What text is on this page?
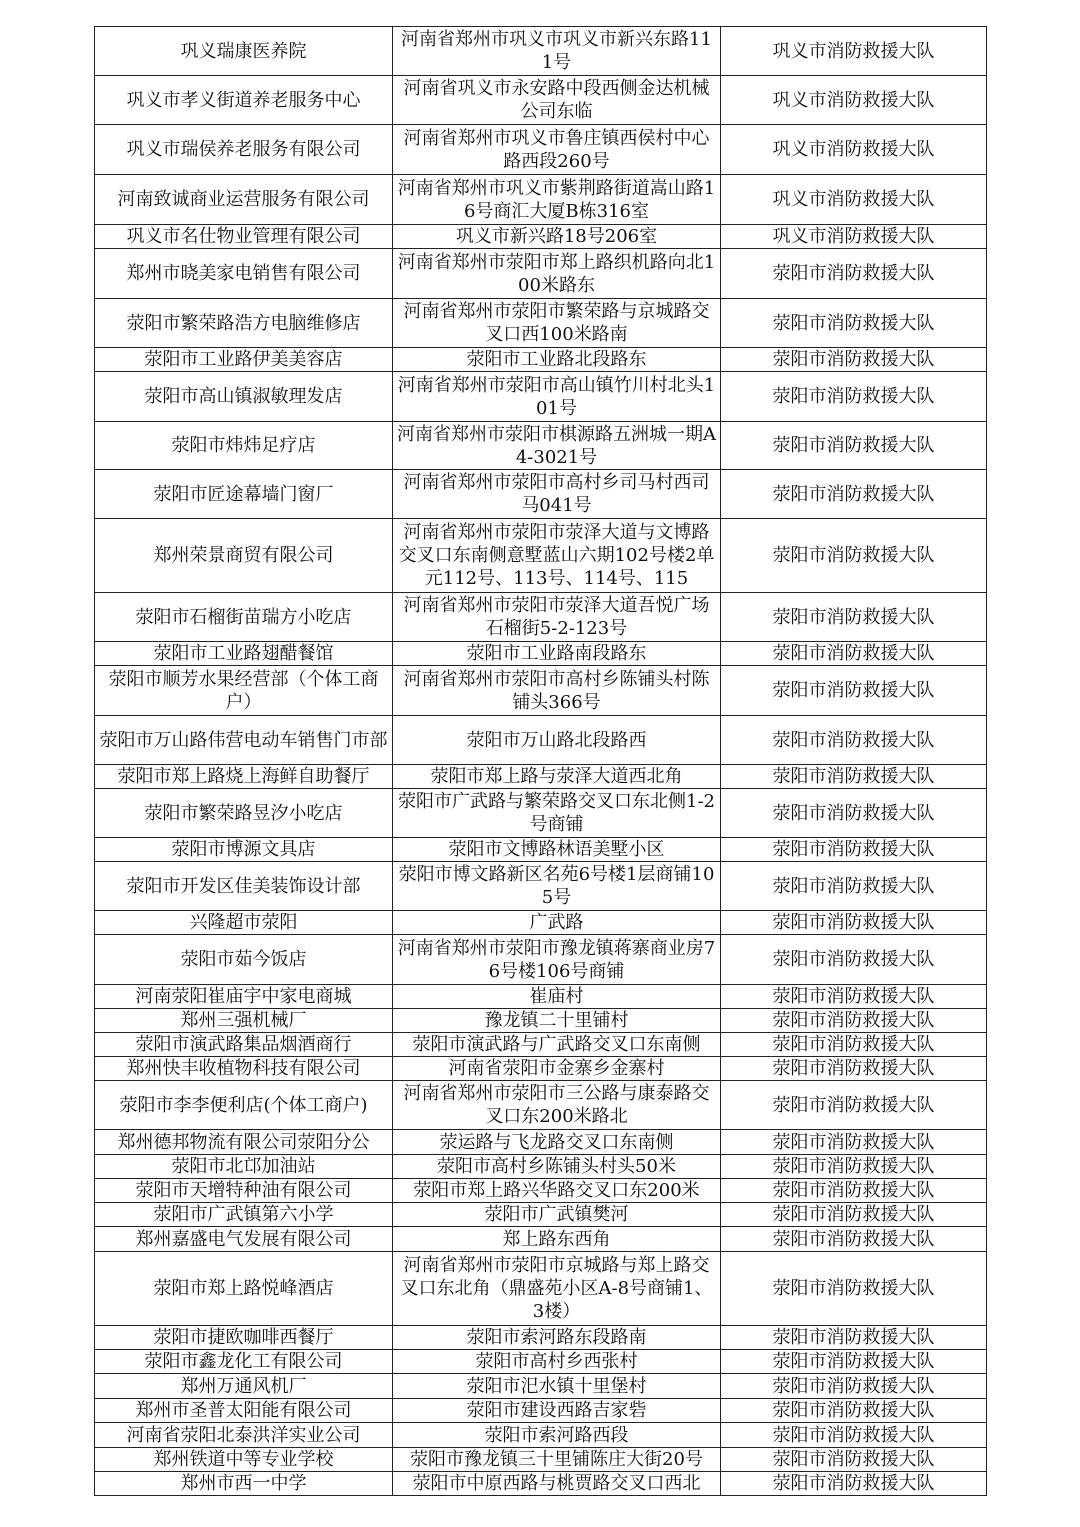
巩义瑞康医养院	河南省郑州市巩义市巩义市新兴东路111号	巩义市消防救援大队
巩义市孝义街道养老服务中心	河南省巩义市永安路中段西侧金达机械公司东临	巩义市消防救援大队
巩义市瑞侯养老服务有限公司	河南省郑州市巩义市鲁庄镇西侯村中心路西段260号	巩义市消防救援大队
河南致诚商业运营服务有限公司	河南省郑州市巩义市紫荆路街道嵩山路16号商汇大厦B栋316室	巩义市消防救援大队
巩义市名仕物业管理有限公司	巩义市新兴路18号206室	巩义市消防救援大队
郑州市晓美家电销售有限公司	河南省郑州市荥阳市郑上路织机路向北100米路东	荥阳市消防救援大队
荥阳市繁荣路浩方电脑维修店	河南省郑州市荥阳市繁荣路与京城路交叉口西100米路南	荥阳市消防救援大队
荥阳市工业路伊美美容店	荥阳市工业路北段路东	荥阳市消防救援大队
荥阳市高山镇淑敏理发店	河南省郑州市荥阳市高山镇竹川村北头101号	荥阳市消防救援大队
荥阳市炜炜足疗店	河南省郑州市荥阳市棋源路五洲城一期A4-3021号	荥阳市消防救援大队
荥阳市匠途幕墙门窗厂	河南省郑州市荥阳市高村乡司马村西司马041号	荥阳市消防救援大队
郑州荣景商贸有限公司	河南省郑州市荥阳市荥泽大道与文博路交叉口东南侧意墅蓝山六期102号楼2单元112号、113号、114号、115	荥阳市消防救援大队
荥阳市石榴街苗瑞方小吃店	河南省郑州市荥阳市荥泽大道吾悦广场石榴街5-2-123号	荥阳市消防救援大队
荥阳市工业路翅醋餐馆	荥阳市工业路南段路东	荥阳市消防救援大队
荥阳市顺芳水果经营部（个体工商户）	河南省郑州市荥阳市高村乡陈铺头村陈铺头366号	荥阳市消防救援大队
荥阳市万山路伟营电动车销售门市部	荥阳市万山路北段路西	荥阳市消防救援大队
荥阳市郑上路烧上海鲜自助餐厅	荥阳市郑上路与荥泽大道西北角	荥阳市消防救援大队
荥阳市繁荣路昱汐小吃店	荥阳市广武路与繁荣路交叉口东北侧1-2号商铺	荥阳市消防救援大队
荥阳市博源文具店	荥阳市文博路林语美墅小区	荥阳市消防救援大队
荥阳市开发区佳美装饰设计部	荥阳市博文路新区名苑6号楼1层商铺105号	荥阳市消防救援大队
兴隆超市荥阳	广武路	荥阳市消防救援大队
荥阳市茹今饭店	河南省郑州市荥阳市豫龙镇蒋寨商业房76号楼106号商铺	荥阳市消防救援大队
河南荥阳崔庙宇中家电商城	崔庙村	荥阳市消防救援大队
郑州三强机械厂	豫龙镇二十里铺村	荥阳市消防救援大队
荥阳市演武路集品烟酒商行	荥阳市演武路与广武路交叉口东南侧	荥阳市消防救援大队
郑州快丰收植物科技有限公司	河南省荥阳市金寨乡金寨村	荥阳市消防救援大队
荥阳市李李便利店(个体工商户)	河南省郑州市荥阳市三公路与康泰路交叉口东200米路北	荥阳市消防救援大队
郑州德邦物流有限公司荥阳分公	荥运路与飞龙路交叉口东南侧	荥阳市消防救援大队
荥阳市北邙加油站	荥阳市高村乡陈铺头村头50米	荥阳市消防救援大队
荥阳市天增特种油有限公司	荥阳市郑上路兴华路交叉口东200米	荥阳市消防救援大队
荥阳市广武镇第六小学	荥阳市广武镇樊河	荥阳市消防救援大队
郑州嘉盛电气发展有限公司	郑上路东西角	荥阳市消防救援大队
荥阳市郑上路悦峰酒店	河南省郑州市荥阳市京城路与郑上路交叉口东北角（鼎盛苑小区A-8号商铺1、3楼）	荥阳市消防救援大队
荥阳市捷欧咖啡西餐厅	荥阳市索河路东段路南	荥阳市消防救援大队
荥阳市鑫龙化工有限公司	荥阳市高村乡西张村	荥阳市消防救援大队
郑州万通风机厂	荥阳市汜水镇十里堡村	荥阳市消防救援大队
郑州市圣普太阳能有限公司	荥阳市建设西路吉家砦	荥阳市消防救援大队
河南省荥阳北泰洪洋实业公司	荥阳市索河路西段	荥阳市消防救援大队
郑州铁道中等专业学校	荥阳市豫龙镇三十里铺陈庄大街20号	荥阳市消防救援大队
郑州市西一中学	荥阳市中原西路与桃贾路交叉口西北	荥阳市消防救援大队
